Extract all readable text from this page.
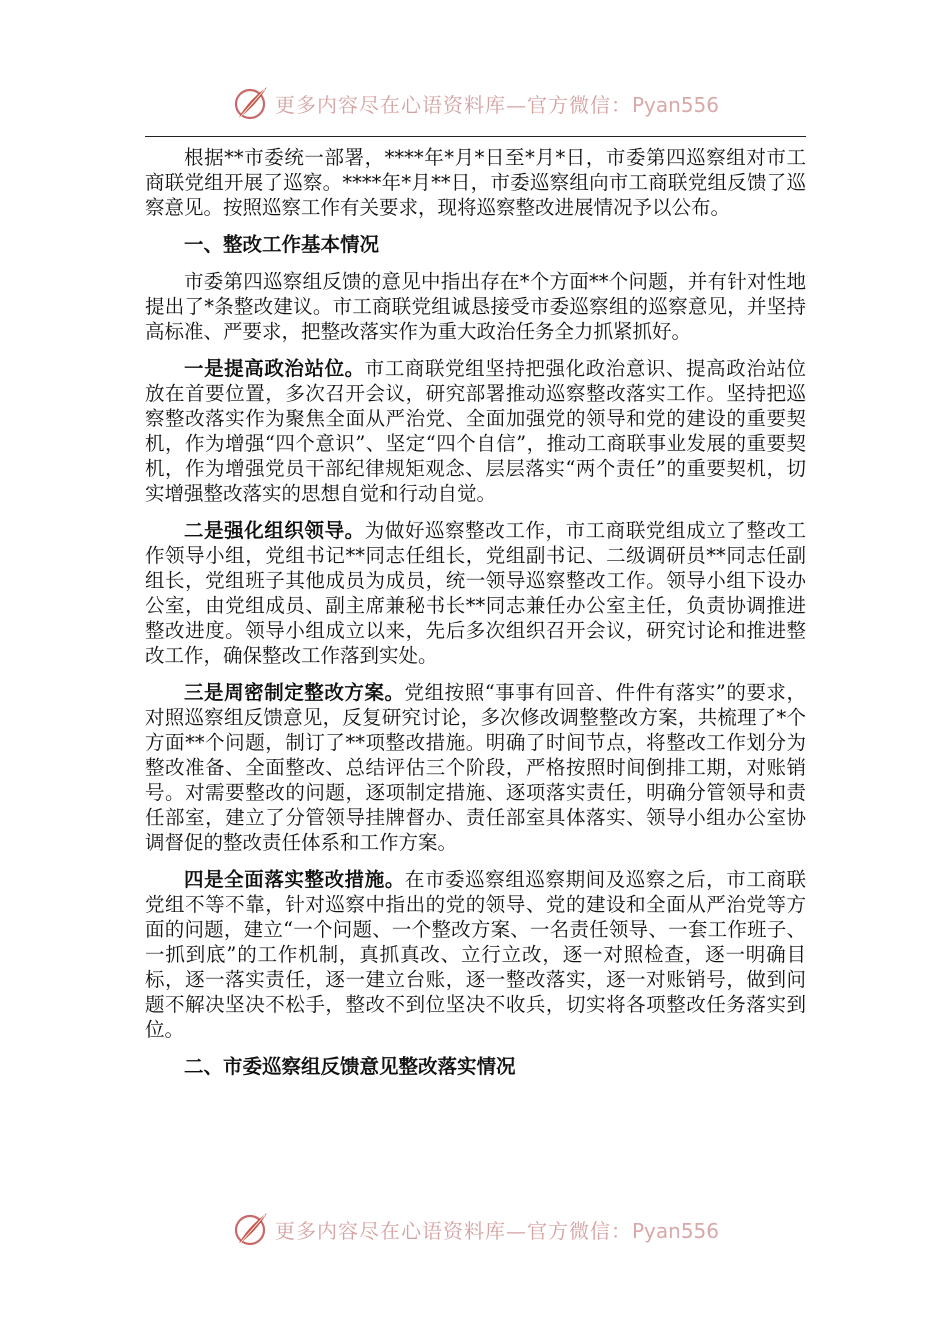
更多内容尽在心语资料库—官方微信：Pyan556

根据**市委统一部署，****年*月*日至*月*日，市委第四巡察组对市工商联党组开展了巡察。****年*月**日，市委巡察组向市工商联党组反馈了巡察意见。按照巡察工作有关要求，现将巡察整改进展情况予以公布。

一、整改工作基本情况

市委第四巡察组反馈的意见中指出存在*个方面**个问题，并有针对性地提出了*条整改建议。市工商联党组诚恳接受市委巡察组的巡察意见，并坚持高标准、严要求，把整改落实作为重大政治任务全力抓紧抓好。

一是提高政治站位。市工商联党组坚持把强化政治意识、提高政治站位放在首要位置，多次召开会议，研究部署推动巡察整改落实工作。坚持把巡察整改落实作为聚焦全面从严治党、全面加强党的领导和党的建设的重要契机，作为增强“四个意识”、坚定“四个自信”，推动工商联事业发展的重要契机，作为增强党员干部纪律规矩观念、层层落实“两个责任”的重要契机，切实增强整改落实的思想自觉和行动自觉。

二是强化组织领导。为做好巡察整改工作，市工商联党组成立了整改工作领导小组，党组书记**同志任组长，党组副书记、二级调研员**同志任副组长，党组班子其他成员为成员，统一领导巡察整改工作。领导小组下设办公室，由党组成员、副主席兼秘书长**同志兼任办公室主任，负责协调推进整改进度。领导小组成立以来，先后多次组织召开会议，研究讨论和推进整改工作，确保整改工作落到实处。

三是周密制定整改方案。党组按照“事事有回音、件件有落实”的要求，对照巡察组反馈意见，反复研究讨论，多次修改调整整改方案，共梳理了*个方面**个问题，制订了**项整改措施。明确了时间节点，将整改工作划分为整改准备、全面整改、总结评估三个阶段，严格按照时间倒排工期，对账销号。对需要整改的问题，逐项制定措施、逐项落实责任，明确分管领导和责任部室，建立了分管领导挂牌督办、责任部室具体落实、领导小组办公室协调督促的整改责任体系和工作方案。

四是全面落实整改措施。在市委巡察组巡察期间及巡察之后，市工商联党组不等不靠，针对巡察中指出的党的领导、党的建设和全面从严治党等方面的问题，建立“一个问题、一个整改方案、一名责任领导、一套工作班子、一抓到底”的工作机制，真抓真改、立行立改，逐一对照检查，逐一明确目标，逐一落实责任，逐一建立台账，逐一整改落实，逐一对账销号，做到问题不解决坚决不松手，整改不到位坚决不收兵，切实将各项整改任务落实到位。

二、市委巡察组反馈意见整改落实情况

更多内容尽在心语资料库—官方微信：Pyan556
